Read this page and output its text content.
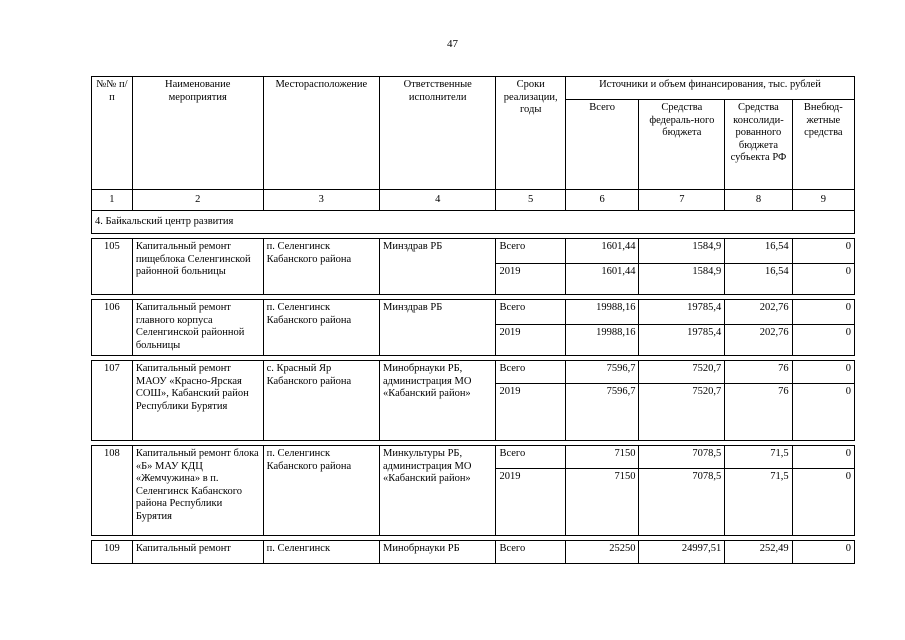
47
№№ п/п	Наименование мероприятия	Месторасположение	Ответственные исполнители	Сроки реализации, годы	Источники и объем финансирования, тыс. рублей			
					Всего	Средства федераль-ного бюджета	Средства консолиди-рованного бюджета субъекта РФ	Внебюд-жетные средства
1	2	3	4	5	6	7	8	9
4. Байкальский центр развития								

105	Капитальный ремонт пищеблока Селенгинской районной больницы	п. Селенгинск Кабанского района	Минздрав РБ	Всего	1601,44	1584,9	16,54	0
				2019	1601,44	1584,9	16,54	0

106	Капитальный ремонт главного корпуса Селенгинской районной больницы	п. Селенгинск Кабанского района	Минздрав РБ	Всего	19988,16	19785,4	202,76	0
				2019	19988,16	19785,4	202,76	0

107	Капитальный ремонт МАОУ «Красно-Ярская СОШ», Кабанский район Республики Бурятия	с. Красный Яр Кабанского района	Минобрнауки РБ, администрация МО «Кабанский район»	Всего	7596,7	7520,7	76	0
				2019	7596,7	7520,7	76	0

108	Капитальный ремонт блока «Б» МАУ КДЦ «Жемчужина» в п. Селенгинск Кабанского района Республики Бурятия	п. Селенгинск Кабанского района	Минкультуры РБ, администрация МО «Кабанский район»	Всего	7150	7078,5	71,5	0
				2019	7150	7078,5	71,5	0

109	Капитальный ремонт	п. Селенгинск	Минобрнауки РБ	Всего	25250	24997,51	252,49	0
